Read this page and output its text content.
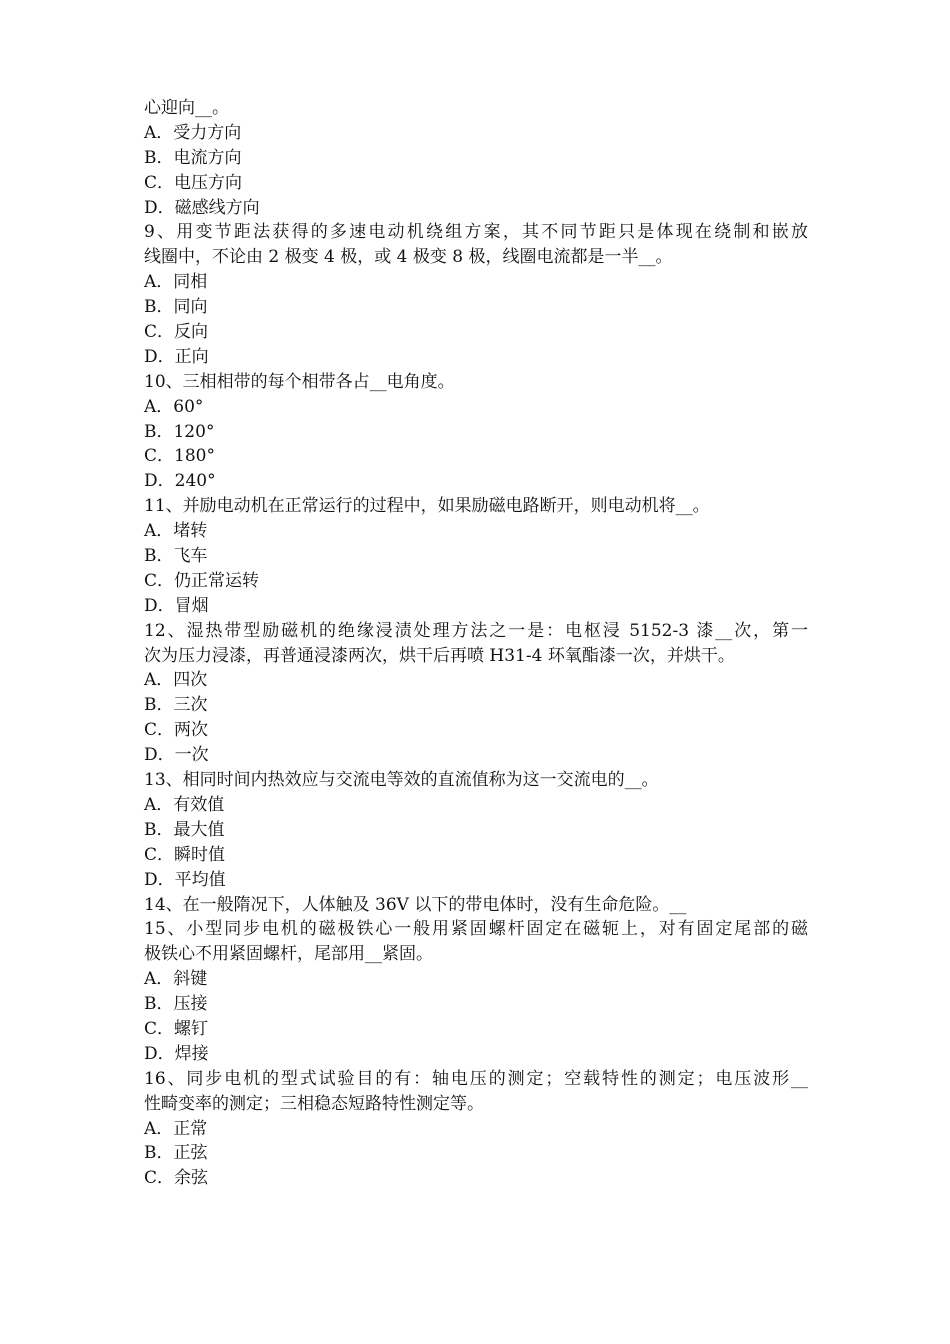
心迎向__。
A．受力方向
B．电流方向
C．电压方向
D．磁感线方向
9、用变节距法获得的多速电动机绕组方案，其不同节距只是体现在绕制和嵌放
线圈中，不论由 2 极变 4 极，或 4 极变 8 极，线圈电流都是一半__。
A．同相
B．同向
C．反向
D．正向
10、三相相带的每个相带各占__电角度。
A．60°
B．120°
C．180°
D．240°
11、并励电动机在正常运行的过程中，如果励磁电路断开，则电动机将__。
A．堵转
B．飞车
C．仍正常运转
D．冒烟
12、湿热带型励磁机的绝缘浸渍处理方法之一是：电枢浸 5152-3 漆__次，第一
次为压力浸漆，再普通浸漆两次，烘干后再喷 H31-4 环氧酯漆一次，并烘干。
A．四次
B．三次
C．两次
D．一次
13、相同时间内热效应与交流电等效的直流值称为这一交流电的__。
A．有效值
B．最大值
C．瞬时值
D．平均值
14、在一般隋况下，人体触及 36V 以下的带电体时，没有生命危险。__
15、小型同步电机的磁极铁心一般用紧固螺杆固定在磁轭上，对有固定尾部的磁
极铁心不用紧固螺杆，尾部用__紧固。
A．斜键
B．压接
C．螺钉
D．焊接
16、同步电机的型式试验目的有：轴电压的测定；空载特性的测定；电压波形__
性畸变率的测定；三相稳态短路特性测定等。
A．正常
B．正弦
C．余弦
